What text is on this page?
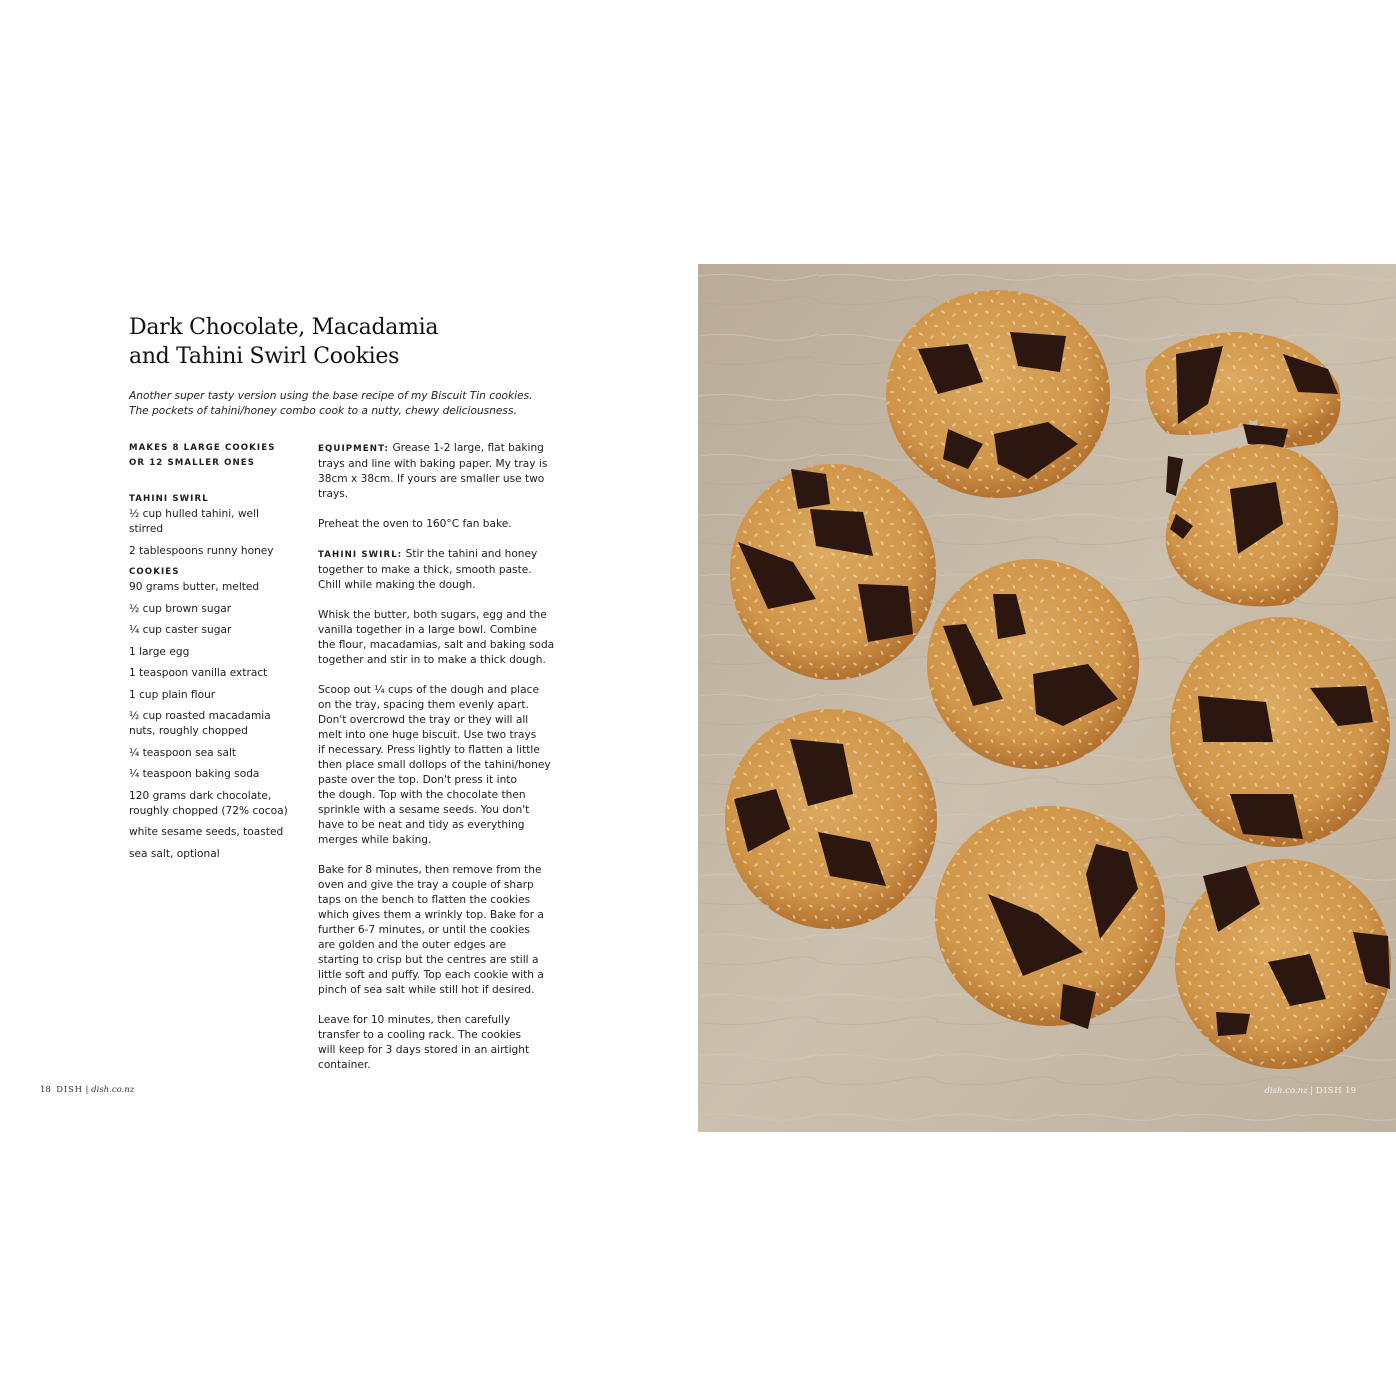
Dark Chocolate, Macadamia
and Tahini Swirl Cookies
Another super tasty version using the base recipe of my Biscuit Tin cookies.
The pockets of tahini/honey combo cook to a nutty, chewy deliciousness.
MAKES 8 LARGE COOKIES
OR 12 SMALLER ONES
TAHINI SWIRL
½ cup hulled tahini, well
stirred
2 tablespoons runny honey
COOKIES
90 grams butter, melted
½ cup brown sugar
¼ cup caster sugar
1 large egg
1 teaspoon vanilla extract
1 cup plain flour
½ cup roasted macadamia
nuts, roughly chopped
¼ teaspoon sea salt
¼ teaspoon baking soda
120 grams dark chocolate,
roughly chopped (72% cocoa)
white sesame seeds, toasted
sea salt, optional
EQUIPMENT: Grease 1-2 large, flat baking
trays and line with baking paper. My tray is
38cm x 38cm. If yours are smaller use two
trays.
Preheat the oven to 160°C fan bake.
TAHINI SWIRL: Stir the tahini and honey
together to make a thick, smooth paste.
Chill while making the dough.
Whisk the butter, both sugars, egg and the
vanilla together in a large bowl. Combine
the flour, macadamias, salt and baking soda
together and stir in to make a thick dough.
Scoop out ¼ cups of the dough and place
on the tray, spacing them evenly apart.
Don't overcrowd the tray or they will all
melt into one huge biscuit. Use two trays
if necessary. Press lightly to flatten a little
then place small dollops of the tahini/honey
paste over the top. Don't press it into
the dough. Top with the chocolate then
sprinkle with a sesame seeds. You don't
have to be neat and tidy as everything
merges while baking.
Bake for 8 minutes, then remove from the
oven and give the tray a couple of sharp
taps on the bench to flatten the cookies
which gives them a wrinkly top. Bake for a
further 6-7 minutes, or until the cookies
are golden and the outer edges are
starting to crisp but the centres are still a
little soft and puffy. Top each cookie with a
pinch of sea salt while still hot if desired.
Leave for 10 minutes, then carefully
transfer to a cooling rack. The cookies
will keep for 3 days stored in an airtight
container.
18 DISH | dish.co.nz	dish.co.nz | DISH 19
